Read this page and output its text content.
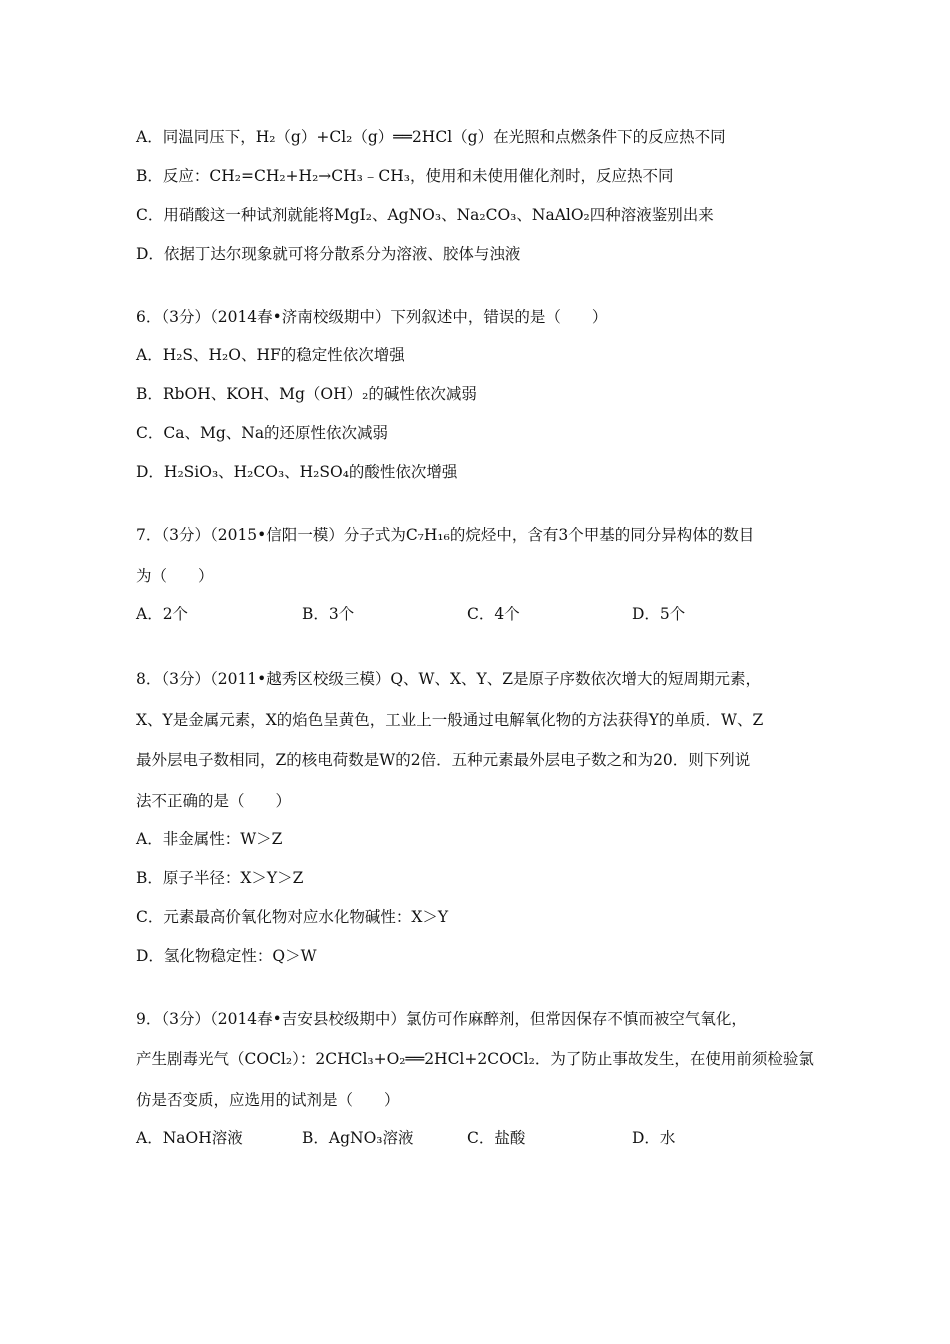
A．同温同压下，H₂（g）+Cl₂（g）══2HCl（g）在光照和点燃条件下的反应热不同
B．反应：CH₂=CH₂+H₂→CH₃﹣CH₃，使用和未使用催化剂时，反应热不同
C．用硝酸这一种试剂就能将MgI₂、AgNO₃、Na₂CO₃、NaAlO₂四种溶液鉴别出来
D．依据丁达尔现象就可将分散系分为溶液、胶体与浊液
6．（3分）（2014春•济南校级期中）下列叙述中，错误的是（　　）
A．H₂S、H₂O、HF的稳定性依次增强
B．RbOH、KOH、Mg（OH）₂的碱性依次减弱
C．Ca、Mg、Na的还原性依次减弱
D．H₂SiO₃、H₂CO₃、H₂SO₄的酸性依次增强
7．（3分）（2015•信阳一模）分子式为C₇H₁₆的烷烃中，含有3个甲基的同分异构体的数目
为（　　）
A．2个	B．3个	C．4个	D．5个
8．（3分）（2011•越秀区校级三模）Q、W、X、Y、Z是原子序数依次增大的短周期元素，
X、Y是金属元素，X的焰色呈黄色，工业上一般通过电解氧化物的方法获得Y的单质．W、Z
最外层电子数相同，Z的核电荷数是W的2倍．五种元素最外层电子数之和为20．则下列说
法不正确的是（　　）
A．非金属性：W＞Z
B．原子半径：X＞Y＞Z
C．元素最高价氧化物对应水化物碱性：X＞Y
D．氢化物稳定性：Q＞W
9．（3分）（2014春•吉安县校级期中）氯仿可作麻醉剂，但常因保存不慎而被空气氧化，
产生剧毒光气（COCl₂）：2CHCl₃+O₂══2HCl+2COCl₂．为了防止事故发生，在使用前须检验氯
仿是否变质，应选用的试剂是（　　）
A．NaOH溶液	B．AgNO₃溶液	C．盐酸	D．水
